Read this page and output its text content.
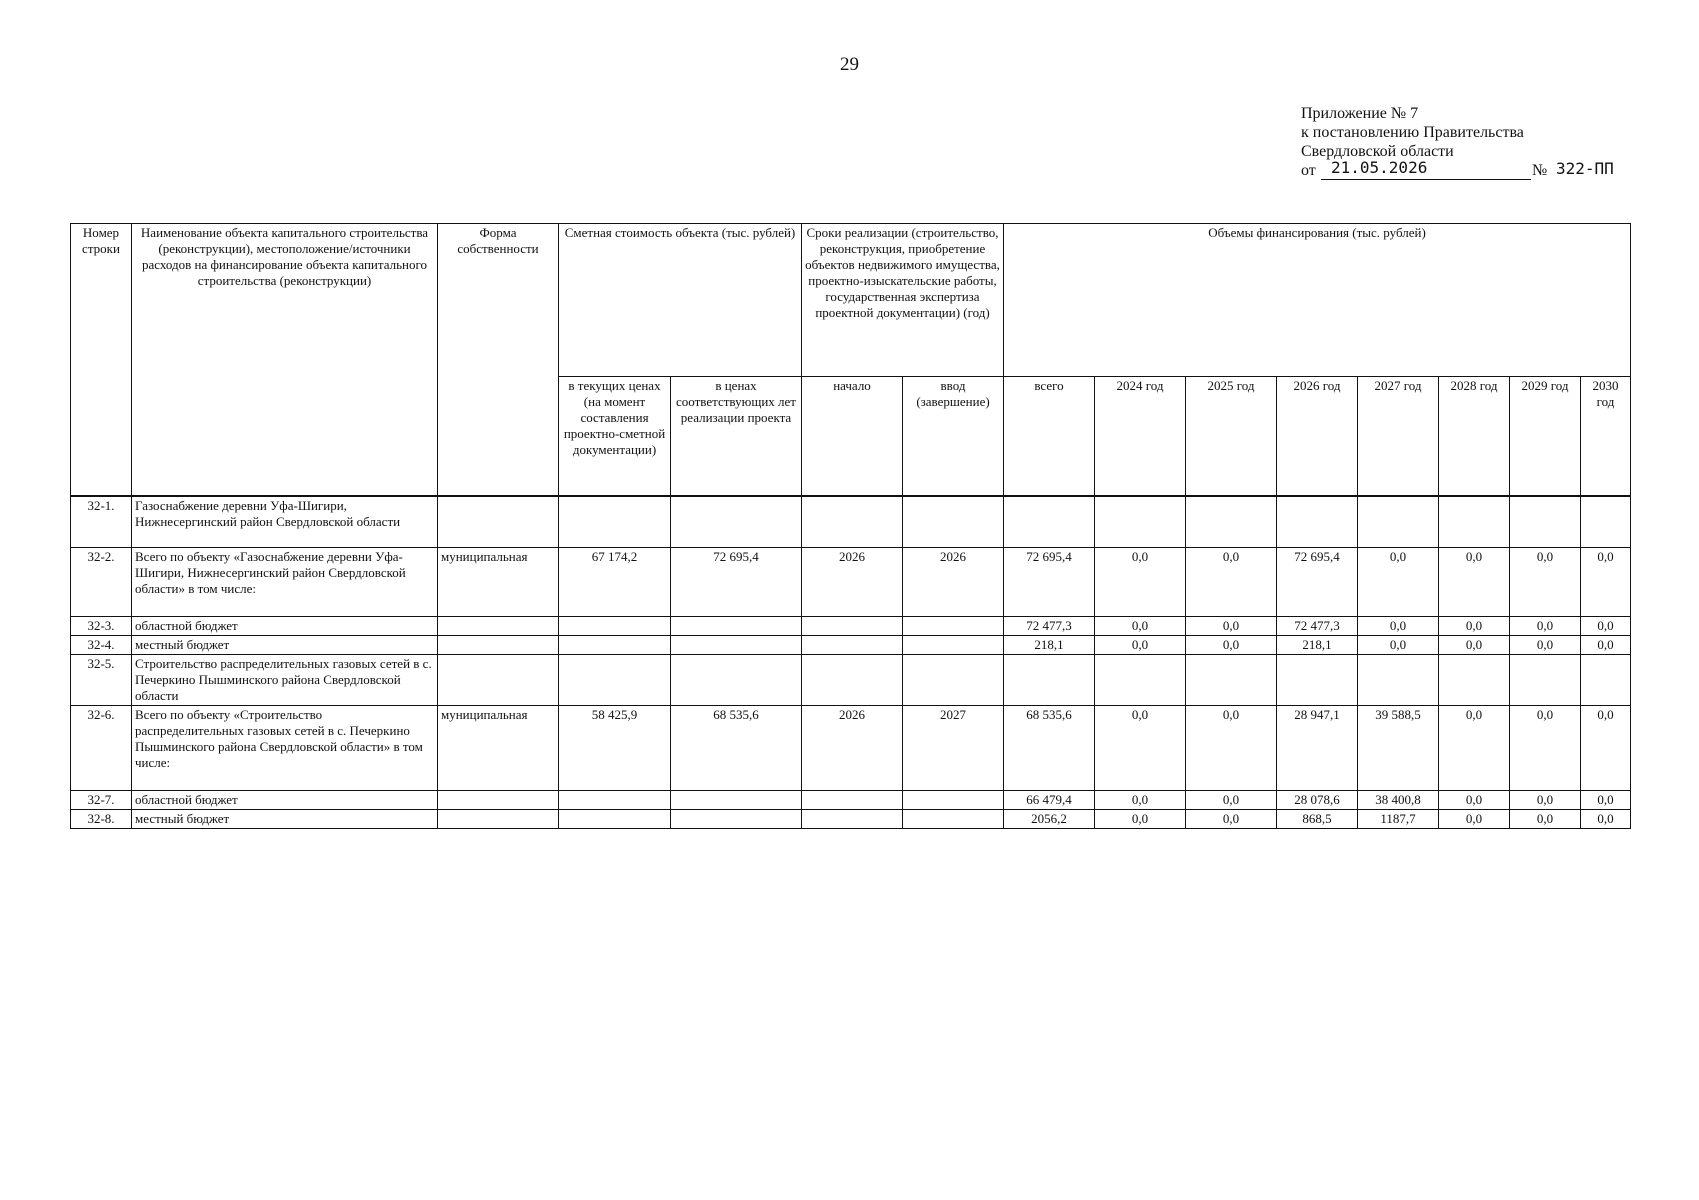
29
Приложение № 7
к постановлению Правительства
Свердловской области
от 21.05.2026	№ 322-ПП
Номер строки	Наименование объекта капитального строительства (реконструкции), местоположение/источники расходов на финансирование объекта капитального строительства (реконструкции)	Форма собственности	Сметная стоимость объекта (тыс. рублей)		Сроки реализации (строительство, реконструкция, приобретение объектов недвижимого имущества, проектно-изыскательские работы, государственная экспертиза проектной документации) (год)		Объемы финансирования (тыс. рублей)							
			в текущих ценах (на момент составления проектно-сметной документации)	в ценах соответствующих лет реализации проекта	начало	ввод (завершение)	всего	2024 год	2025 год	2026 год	2027 год	2028 год	2029 год	2030 год
32-1.	Газоснабжение деревни Уфа-Шигири, Нижнесергинский район Свердловской области													
32-2.	Всего по объекту «Газоснабжение деревни Уфа-Шигири, Нижнесергинский район Свердловской области» в том числе:	муниципальная	67 174,2	72 695,4	2026	2026	72 695,4	0,0	0,0	72 695,4	0,0	0,0	0,0	0,0
32-3.	областной бюджет						72 477,3	0,0	0,0	72 477,3	0,0	0,0	0,0	0,0
32-4.	местный бюджет						218,1	0,0	0,0	218,1	0,0	0,0	0,0	0,0
32-5.	Строительство распределительных газовых сетей в с. Печеркино Пышминского района Свердловской области													
32-6.	Всего по объекту «Строительство распределительных газовых сетей в с. Печеркино Пышминского района Свердловской области» в том числе:	муниципальная	58 425,9	68 535,6	2026	2027	68 535,6	0,0	0,0	28 947,1	39 588,5	0,0	0,0	0,0
32-7.	областной бюджет						66 479,4	0,0	0,0	28 078,6	38 400,8	0,0	0,0	0,0
32-8.	местный бюджет						2056,2	0,0	0,0	868,5	1187,7	0,0	0,0	0,0
